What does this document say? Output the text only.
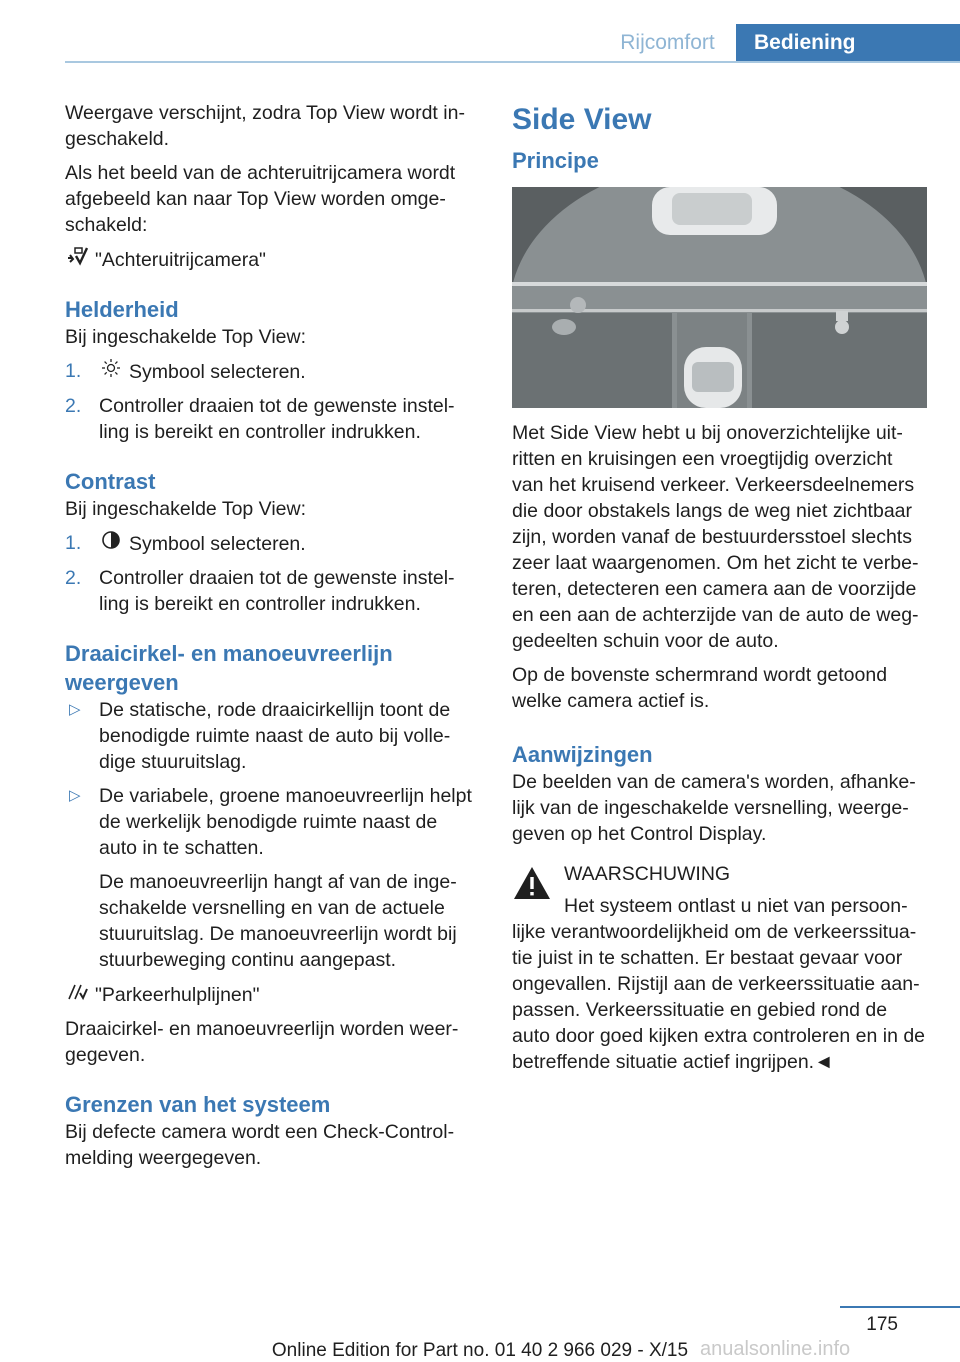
Rijcomfort	Bediening

Weergave verschijnt, zodra Top View wordt in-geschakeld.

Als het beeld van de achteruitrijcamera wordt afgebeeld kan naar Top View worden omge-schakeld:

"Achteruitrijcamera"

Helderheid

Bij ingeschakelde Top View:

1. Symbool selecteren.
2. Controller draaien tot de gewenste instel-ling is bereikt en controller indrukken.
Contrast

Bij ingeschakelde Top View:

1. Symbool selecteren.
2. Controller draaien tot de gewenste instel-ling is bereikt en controller indrukken.
Draaicirkel- en manoeuvreerlijn weergeven
▷ De statische, rode draaicirkellijn toont de benodigde ruimte naast de auto bij volle-dige stuuruitslag.
▷ De variabele, groene manoeuvreerlijn helpt de werkelijk benodigde ruimte naast de auto in te schatten.
De manoeuvreerlijn hangt af van de inge-schakelde versnelling en van de actuele stuuruitslag. De manoeuvreerlijn wordt bij stuurbeweging continu aangepast.

"Parkeerhulplijnen"

Draaicirkel- en manoeuvreerlijn worden weer-gegeven.

Grenzen van het systeem

Bij defecte camera wordt een Check-Control-melding weergegeven.

Side View
Principe

Met Side View hebt u bij onoverzichtelijke uit-ritten en kruisingen een vroegtijdig overzicht van het kruisend verkeer. Verkeersdeelnemers die door obstakels langs de weg niet zichtbaar zijn, worden vanaf de bestuurdersstoel slechts zeer laat waargenomen. Om het zicht te verbe-teren, detecteren een camera aan de voorzijde en een aan de achterzijde van de auto de weg-gedeelten schuin voor de auto.

Op de bovenste schermrand wordt getoond welke camera actief is.

Aanwijzingen

De beelden van de camera's worden, afhanke-lijk van de ingeschakelde versnelling, weerge-geven op het Control Display.

WAARSCHUWING

Het systeem ontlast u niet van persoon-

lijke verantwoordelijkheid om de verkeerssitua-tie juist in te schatten. Er bestaat gevaar voor ongevallen. Rijstijl aan de verkeerssituatie aan-passen. Verkeerssituatie en gebied rond de auto door goed kijken extra controleren en in de betreffende situatie actief ingrijpen.◄

175
anualsonline.info
Online Edition for Part no. 01 40 2 966 029 - X/15
